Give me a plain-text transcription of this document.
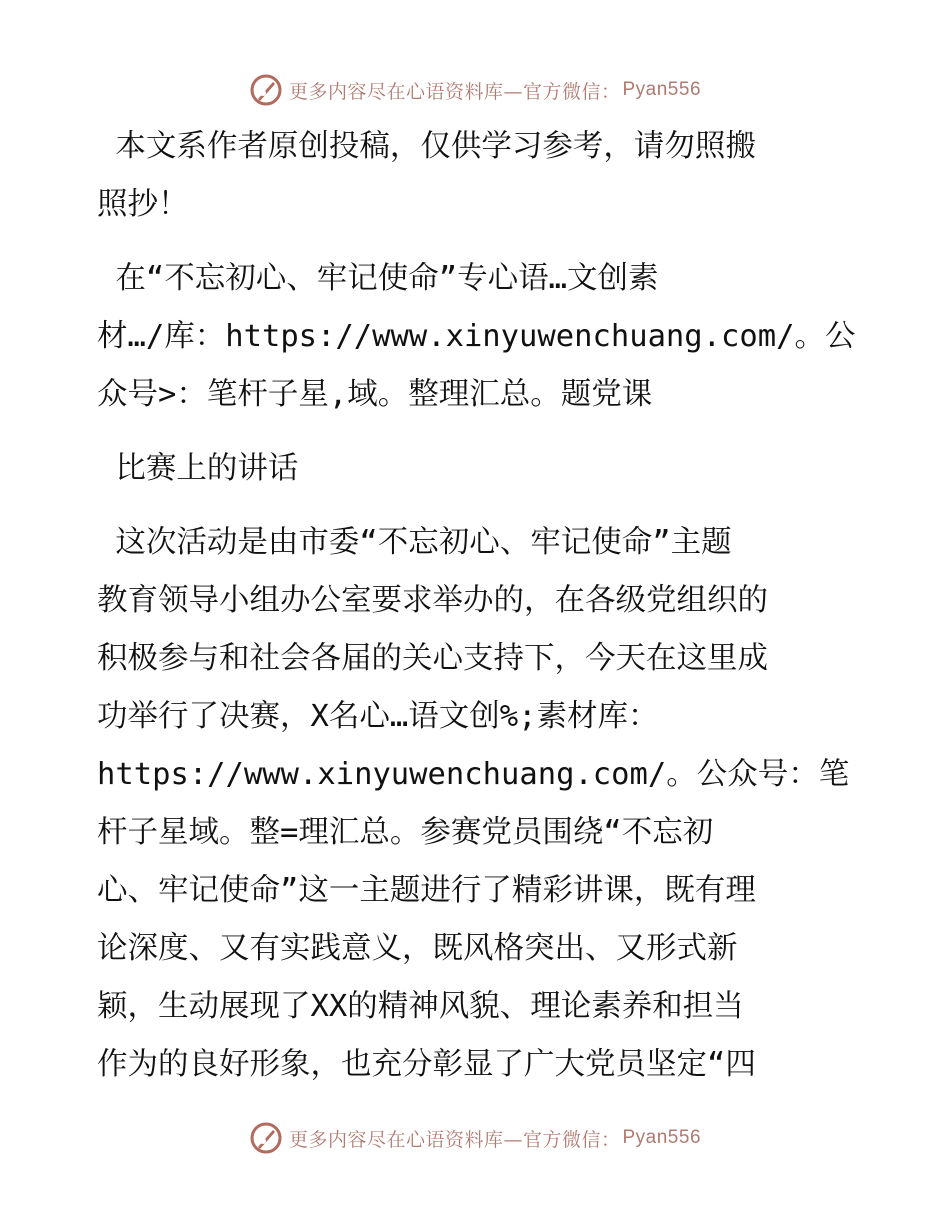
更多内容尽在心语资料库—官方微信： Pyan556

本文系作者原创投稿，仅供学习参考，请勿照搬
照抄！

在“不忘初心、牢记使命”专心语…文创素
材…/库：https://www.xinyuwenchuang.com/。公
众号>：笔杆子星,域。整理汇总。题党课

比赛上的讲话

这次活动是由市委“不忘初心、牢记使命”主题
教育领导小组办公室要求举办的，在各级党组织的
积极参与和社会各届的关心支持下，今天在这里成
功举行了决赛，X名心…语文创%;素材库：
https://www.xinyuwenchuang.com/。公众号：笔
杆子星域。整=理汇总。参赛党员围绕“不忘初
心、牢记使命”这一主题进行了精彩讲课，既有理
论深度、又有实践意义，既风格突出、又形式新
颖，生动展现了XX的精神风貌、理论素养和担当
作为的良好形象，也充分彰显了广大党员坚定“四

更多内容尽在心语资料库—官方微信： Pyan556
